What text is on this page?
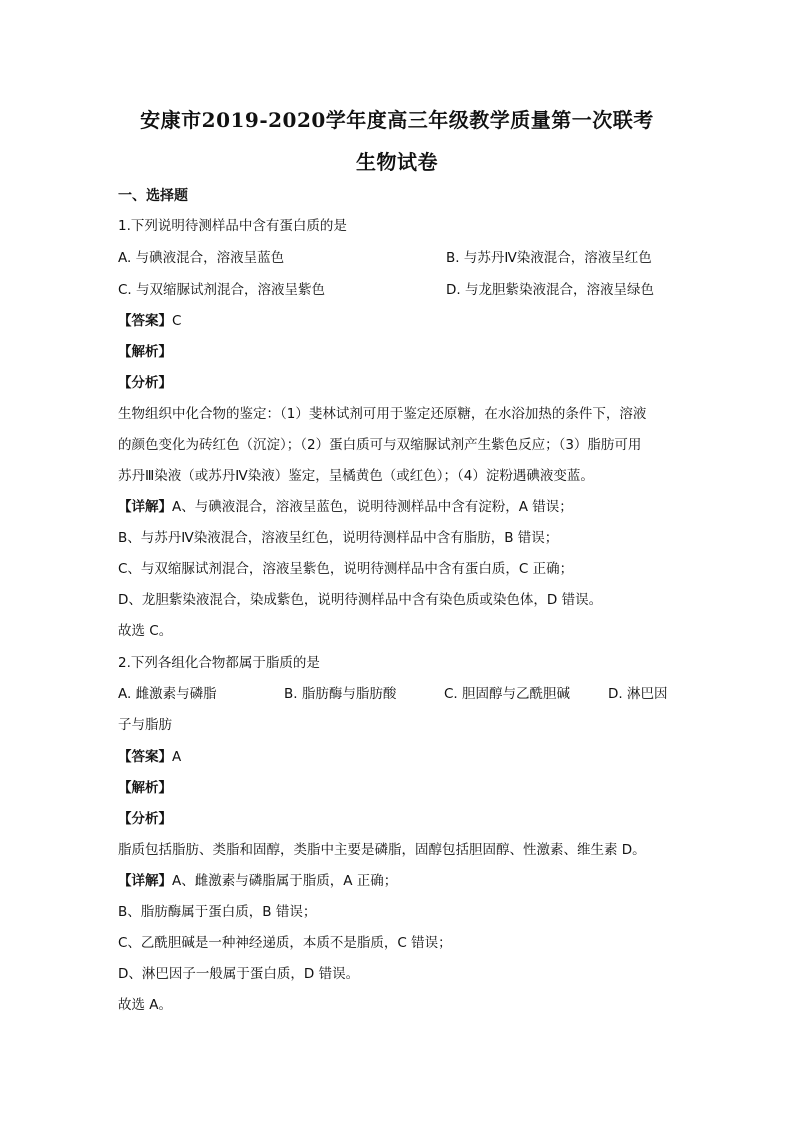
安康市2019-2020学年度高三年级教学质量第一次联考
生物试卷
一、选择题
1.下列说明待测样品中含有蛋白质的是
A. 与碘液混合，溶液呈蓝色	B. 与苏丹Ⅳ染液混合，溶液呈红色
C. 与双缩脲试剂混合，溶液呈紫色	D. 与龙胆紫染液混合，溶液呈绿色
【答案】C
【解析】
【分析】
生物组织中化合物的鉴定：（1）斐林试剂可用于鉴定还原糖，在水浴加热的条件下，溶液
的颜色变化为砖红色（沉淀）；（2）蛋白质可与双缩脲试剂产生紫色反应；（3）脂肪可用
苏丹Ⅲ染液（或苏丹Ⅳ染液）鉴定，呈橘黄色（或红色）；（4）淀粉遇碘液变蓝。
【详解】A、与碘液混合，溶液呈蓝色，说明待测样品中含有淀粉，A 错误；
B、与苏丹Ⅳ染液混合，溶液呈红色，说明待测样品中含有脂肪，B 错误；
C、与双缩脲试剂混合，溶液呈紫色，说明待测样品中含有蛋白质，C 正确；
D、龙胆紫染液混合，染成紫色，说明待测样品中含有染色质或染色体，D 错误。
故选 C。
2.下列各组化合物都属于脂质的是
A. 雌激素与磷脂	B. 脂肪酶与脂肪酸	C. 胆固醇与乙酰胆碱	D. 淋巴因
子与脂肪
【答案】A
【解析】
【分析】
脂质包括脂肪、类脂和固醇，类脂中主要是磷脂，固醇包括胆固醇、性激素、维生素 D。
【详解】A、雌激素与磷脂属于脂质，A 正确；
B、脂肪酶属于蛋白质，B 错误；
C、乙酰胆碱是一种神经递质，本质不是脂质，C 错误；
D、淋巴因子一般属于蛋白质，D 错误。
故选 A。
